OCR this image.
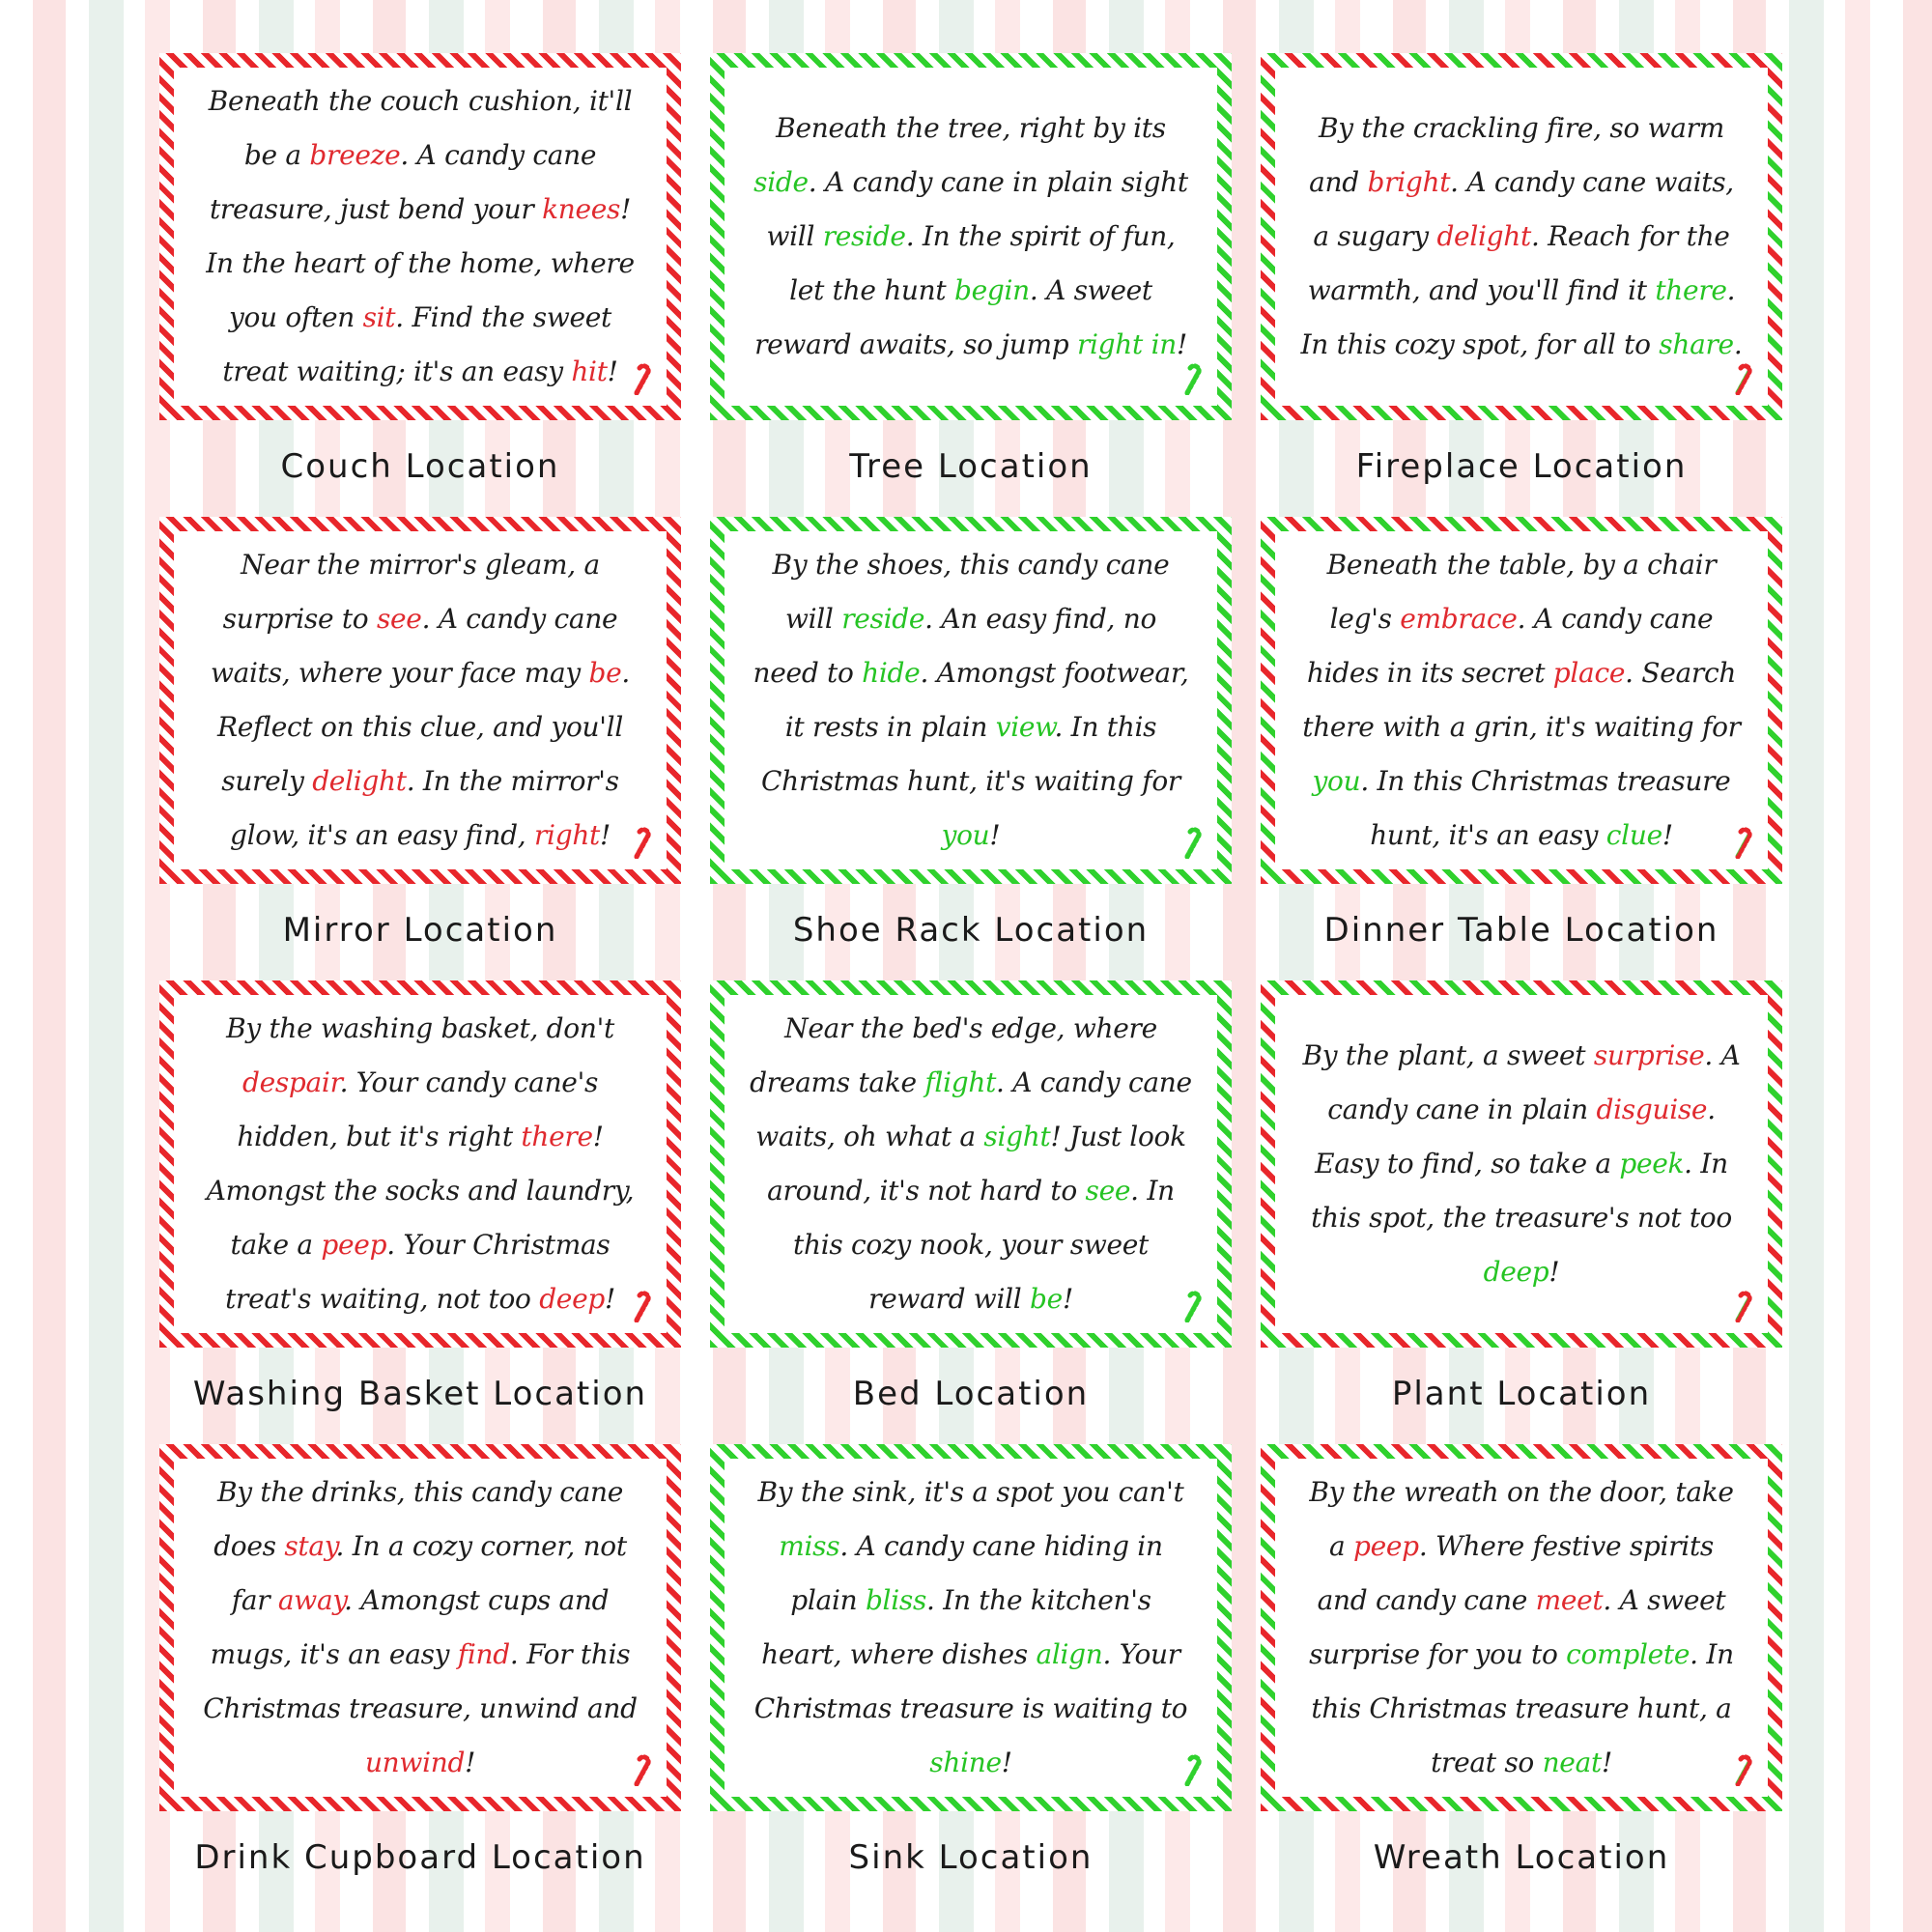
Beneath the couch cushion, it'll be a breeze. A candy cane treasure, just bend your knees! In the heart of the home, where you often sit. Find the sweet treat waiting; it's an easy hit!

Couch Location

Beneath the tree, right by its side. A candy cane in plain sight will reside. In the spirit of fun, let the hunt begin. A sweet reward awaits, so jump right in!

Tree Location

By the crackling fire, so warm and bright. A candy cane waits, a sugary delight. Reach for the warmth, and you'll find it there. In this cozy spot, for all to share.

Fireplace Location

Near the mirror's gleam, a surprise to see. A candy cane waits, where your face may be. Reflect on this clue, and you'll surely delight. In the mirror's glow, it's an easy find, right!

Mirror Location

By the shoes, this candy cane will reside. An easy find, no need to hide. Amongst footwear, it rests in plain view. In this Christmas hunt, it's waiting for you!

Shoe Rack Location

Beneath the table, by a chair leg's embrace. A candy cane hides in its secret place. Search there with a grin, it's waiting for you. In this Christmas treasure hunt, it's an easy clue!

Dinner Table Location

By the washing basket, don't despair. Your candy cane's hidden, but it's right there! Amongst the socks and laundry, take a peep. Your Christmas treat's waiting, not too deep!

Washing Basket Location

Near the bed's edge, where dreams take flight. A candy cane waits, oh what a sight! Just look around, it's not hard to see. In this cozy nook, your sweet reward will be!

Bed Location

By the plant, a sweet surprise. A candy cane in plain disguise. Easy to find, so take a peek. In this spot, the treasure's not too deep!

Plant Location

By the drinks, this candy cane does stay. In a cozy corner, not far away. Amongst cups and mugs, it's an easy find. For this Christmas treasure, unwind and unwind!

Drink Cupboard Location

By the sink, it's a spot you can't miss. A candy cane hiding in plain bliss. In the kitchen's heart, where dishes align. Your Christmas treasure is waiting to shine!

Sink Location

By the wreath on the door, take a peep. Where festive spirits and candy cane meet. A sweet surprise for you to complete. In this Christmas treasure hunt, a treat so neat!

Wreath Location
